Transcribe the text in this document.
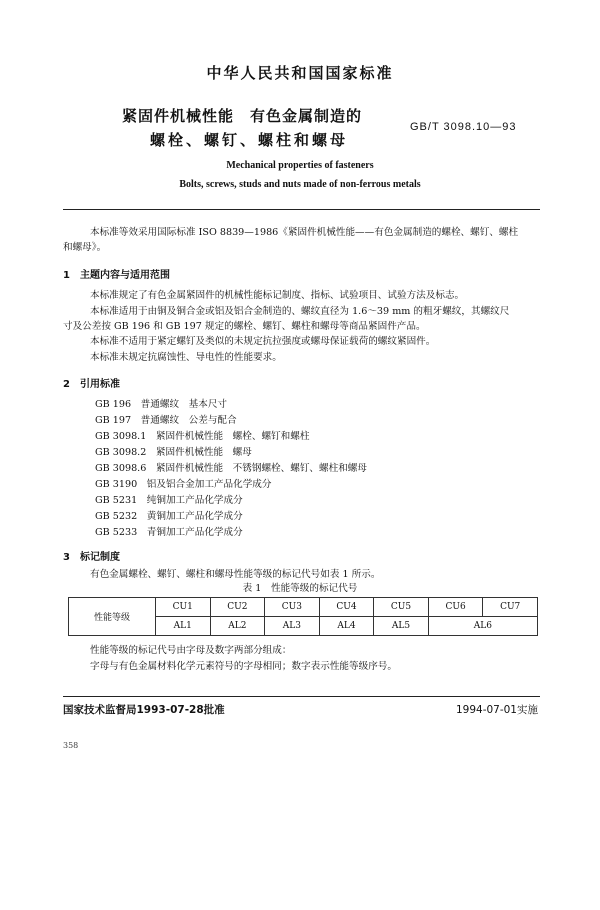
中华人民共和国国家标准
紧固件机械性能　有色金属制造的
螺栓、螺钉、螺柱和螺母
GB/T 3098.10—93
Mechanical properties of fasteners
Bolts, screws, studs and nuts made of non-ferrous metals
本标准等效采用国际标准 ISO 8839—1986《紧固件机械性能——有色金属制造的螺栓、螺钉、螺柱
和螺母》。
1　主题内容与适用范围
本标准规定了有色金属紧固件的机械性能标记制度、指标、试验项目、试验方法及标志。
本标准适用于由铜及铜合金或铝及铝合金制造的、螺纹直径为 1.6～39 mm 的粗牙螺纹，其螺纹尺
寸及公差按 GB 196 和 GB 197 规定的螺栓、螺钉、螺柱和螺母等商品紧固件产品。
本标准不适用于紧定螺钉及类似的未规定抗拉强度或螺母保证载荷的螺纹紧固件。
本标准未规定抗腐蚀性、导电性的性能要求。
2　引用标准
GB 196　普通螺纹　基本尺寸
GB 197　普通螺纹　公差与配合
GB 3098.1　紧固件机械性能　螺栓、螺钉和螺柱
GB 3098.2　紧固件机械性能　螺母
GB 3098.6　紧固件机械性能　不锈钢螺栓、螺钉、螺柱和螺母
GB 3190　铝及铝合金加工产品化学成分
GB 5231　纯铜加工产品化学成分
GB 5232　黄铜加工产品化学成分
GB 5233　青铜加工产品化学成分
3　标记制度
有色金属螺栓、螺钉、螺柱和螺母性能等级的标记代号如表 1 所示。
表 1　性能等级的标记代号
性能等级	CU1	CU2	CU3	CU4	CU5	CU6	CU7
	AL1	AL2	AL3	AL4	AL5	AL6	
性能等级的标记代号由字母及数字两部分组成：
字母与有色金属材料化学元素符号的字母相同；数字表示性能等级序号。
国家技术监督局1993-07-28批准	1994-07-01实施
358
